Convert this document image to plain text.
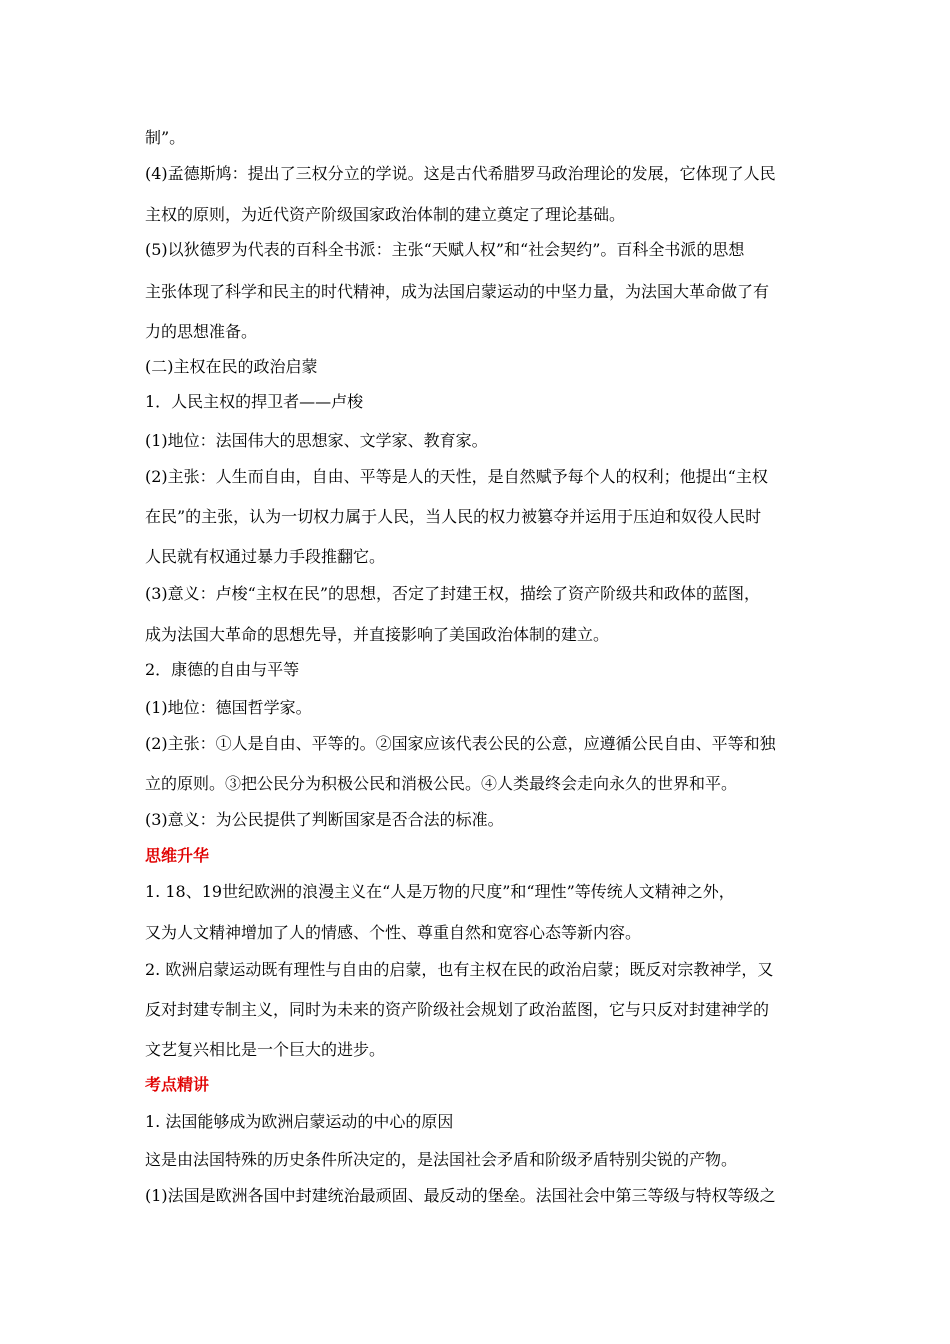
制”。
(4)孟德斯鸠：提出了三权分立的学说。这是古代希腊罗马政治理论的发展，它体现了人民
主权的原则，为近代资产阶级国家政治体制的建立奠定了理论基础。
(5)以狄德罗为代表的百科全书派：主张“天赋人权”和“社会契约”。百科全书派的思想
主张体现了科学和民主的时代精神，成为法国启蒙运动的中坚力量，为法国大革命做了有
力的思想准备。
(二)主权在民的政治启蒙
1．人民主权的捍卫者——卢梭
(1)地位：法国伟大的思想家、文学家、教育家。
(2)主张：人生而自由，自由、平等是人的天性，是自然赋予每个人的权利；他提出“主权
在民”的主张，认为一切权力属于人民，当人民的权力被篡夺并运用于压迫和奴役人民时
人民就有权通过暴力手段推翻它。
(3)意义：卢梭“主权在民”的思想，否定了封建王权，描绘了资产阶级共和政体的蓝图，
成为法国大革命的思想先导，并直接影响了美国政治体制的建立。
2．康德的自由与平等
(1)地位：德国哲学家。
(2)主张：①人是自由、平等的。②国家应该代表公民的公意，应遵循公民自由、平等和独
立的原则。③把公民分为积极公民和消极公民。④人类最终会走向永久的世界和平。
(3)意义：为公民提供了判断国家是否合法的标准。
思维升华
1. 18、19世纪欧洲的浪漫主义在“人是万物的尺度”和“理性”等传统人文精神之外，
又为人文精神增加了人的情感、个性、尊重自然和宽容心态等新内容。
2. 欧洲启蒙运动既有理性与自由的启蒙，也有主权在民的政治启蒙；既反对宗教神学，又
反对封建专制主义，同时为未来的资产阶级社会规划了政治蓝图，它与只反对封建神学的
文艺复兴相比是一个巨大的进步。
考点精讲
1. 法国能够成为欧洲启蒙运动的中心的原因
这是由法国特殊的历史条件所决定的，是法国社会矛盾和阶级矛盾特别尖锐的产物。
(1)法国是欧洲各国中封建统治最顽固、最反动的堡垒。法国社会中第三等级与特权等级之
